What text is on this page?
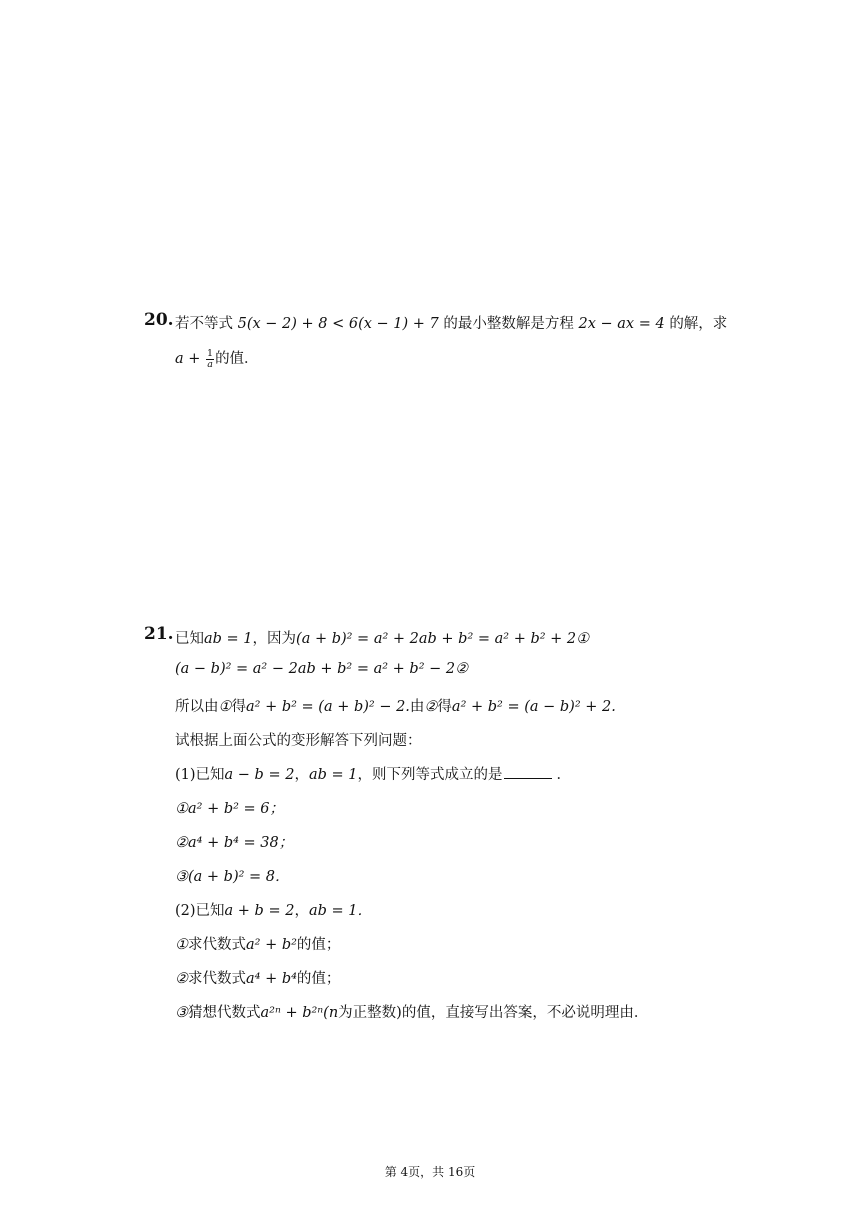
20. 若不等式 5(x − 2) + 8 < 6(x − 1) + 7 的最小整数解是方程 2x − ax = 4 的解，求
$a + \frac{1}{a}$ 的值．
21. 已知ab = 1，因为(a + b)² = a² + 2ab + b² = a² + b² + 2①
(a − b)² = a² − 2ab + b² = a² + b² − 2②
所以由①得a² + b² = (a + b)² − 2.由②得a² + b² = (a − b)² + 2.
试根据上面公式的变形解答下列问题：
(1)已知a − b = 2，ab = 1，则下列等式成立的是	．
①a² + b² = 6；
②a⁴ + b⁴ = 38；
③(a + b)² = 8．
(2)已知a + b = 2，ab = 1．
①求代数式a² + b²的值；
②求代数式a⁴ + b⁴的值；
③猜想代数式a²ⁿ + b²ⁿ(n为正整数)的值，直接写出答案，不必说明理由．
第 4页，共 16页
